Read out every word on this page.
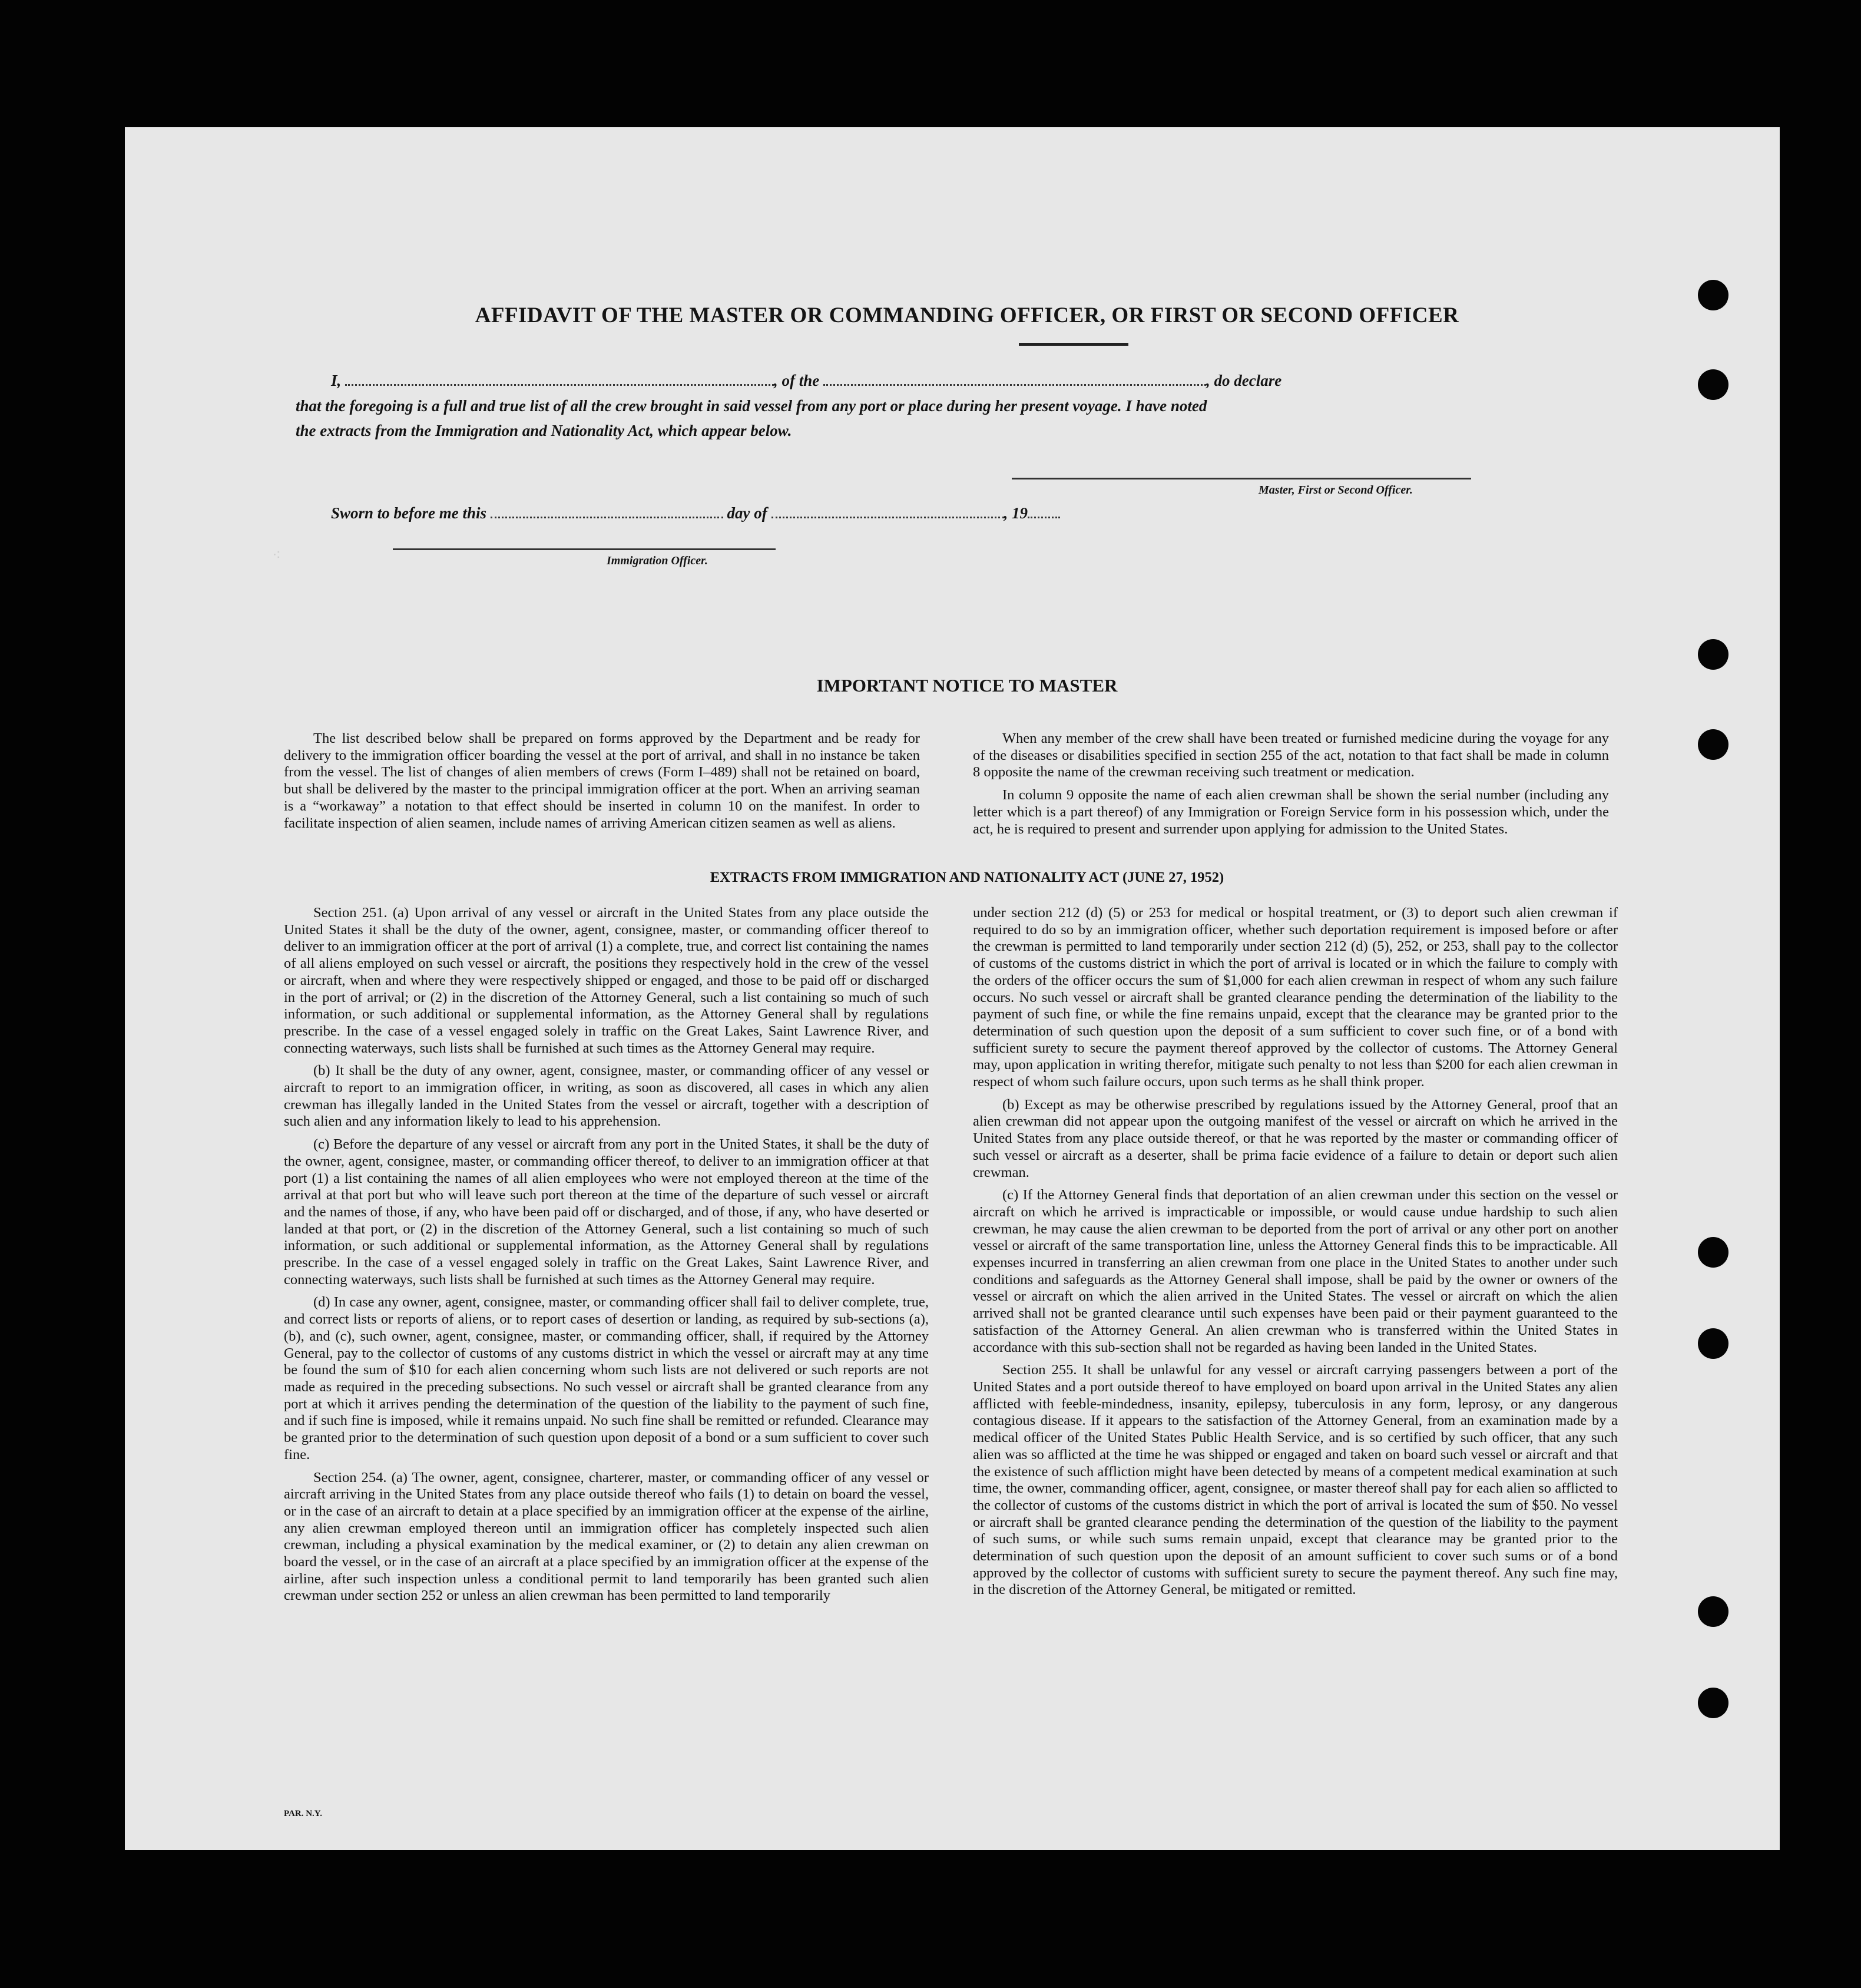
AFFIDAVIT OF THE MASTER OR COMMANDING OFFICER, OR FIRST OR SECOND OFFICER
I,	, of the	, do declare
that the foregoing is a full and true list of all the crew brought in said vessel from any port or place during her present voyage. I have noted
the extracts from the Immigration and Nationality Act, which appear below.
Master, First or Second Officer.
Sworn to before me this	day of	, 19
Immigration Officer.
⁖
IMPORTANT NOTICE TO MASTER

The list described below shall be prepared on forms approved by the Department and be ready for delivery to the immigration officer boarding the vessel at the port of arrival, and shall in no instance be taken from the vessel. The list of changes of alien members of crews (Form I–489) shall not be retained on board, but shall be delivered by the master to the principal immigration officer at the port. When an arriving seaman is a “workaway” a notation to that effect should be inserted in column 10 on the manifest. In order to facilitate inspection of alien seamen, include names of arriving American citizen seamen as well as aliens.

When any member of the crew shall have been treated or furnished medicine during the voyage for any of the diseases or disabilities specified in section 255 of the act, notation to that fact shall be made in column 8 opposite the name of the crewman receiving such treatment or medication.

In column 9 opposite the name of each alien crewman shall be shown the serial number (including any letter which is a part thereof) of any Immigration or Foreign Service form in his possession which, under the act, he is required to present and surrender upon applying for admission to the United States.

EXTRACTS FROM IMMIGRATION AND NATIONALITY ACT (JUNE 27, 1952)

Section 251. (a) Upon arrival of any vessel or aircraft in the United States from any place outside the United States it shall be the duty of the owner, agent, consignee, master, or commanding officer thereof to deliver to an immigration officer at the port of arrival (1) a complete, true, and correct list containing the names of all aliens employed on such vessel or aircraft, the positions they respectively hold in the crew of the vessel or aircraft, when and where they were respectively shipped or engaged, and those to be paid off or discharged in the port of arrival; or (2) in the discretion of the Attorney General, such a list containing so much of such information, or such additional or supplemental information, as the Attorney General shall by regulations prescribe. In the case of a vessel engaged solely in traffic on the Great Lakes, Saint Lawrence River, and connecting waterways, such lists shall be furnished at such times as the Attorney General may require.

(b) It shall be the duty of any owner, agent, consignee, master, or commanding officer of any vessel or aircraft to report to an immigration officer, in writing, as soon as discovered, all cases in which any alien crewman has illegally landed in the United States from the vessel or aircraft, together with a description of such alien and any information likely to lead to his apprehension.

(c) Before the departure of any vessel or aircraft from any port in the United States, it shall be the duty of the owner, agent, consignee, master, or commanding officer thereof, to deliver to an immigration officer at that port (1) a list containing the names of all alien employees who were not employed thereon at the time of the arrival at that port but who will leave such port thereon at the time of the departure of such vessel or aircraft and the names of those, if any, who have been paid off or discharged, and of those, if any, who have deserted or landed at that port, or (2) in the discretion of the Attorney General, such a list containing so much of such information, or such additional or supplemental information, as the Attorney General shall by regulations prescribe. In the case of a vessel engaged solely in traffic on the Great Lakes, Saint Lawrence River, and connecting waterways, such lists shall be furnished at such times as the Attorney General may require.

(d) In case any owner, agent, consignee, master, or commanding officer shall fail to deliver complete, true, and correct lists or reports of aliens, or to report cases of desertion or landing, as required by sub-sections (a), (b), and (c), such owner, agent, consignee, master, or commanding officer, shall, if required by the Attorney General, pay to the collector of customs of any customs district in which the vessel or aircraft may at any time be found the sum of $10 for each alien concerning whom such lists are not delivered or such reports are not made as required in the preceding subsections. No such vessel or aircraft shall be granted clearance from any port at which it arrives pending the determination of the question of the liability to the payment of such fine, and if such fine is imposed, while it remains unpaid. No such fine shall be remitted or refunded. Clearance may be granted prior to the determination of such question upon deposit of a bond or a sum sufficient to cover such fine.

Section 254. (a) The owner, agent, consignee, charterer, master, or commanding officer of any vessel or aircraft arriving in the United States from any place outside thereof who fails (1) to detain on board the vessel, or in the case of an aircraft to detain at a place specified by an immigration officer at the expense of the airline, any alien crewman employed thereon until an immigration officer has completely inspected such alien crewman, including a physical examination by the medical examiner, or (2) to detain any alien crewman on board the vessel, or in the case of an aircraft at a place specified by an immigration officer at the expense of the airline, after such inspection unless a conditional permit to land temporarily has been granted such alien crewman under section 252 or unless an alien crewman has been permitted to land temporarily

under section 212 (d) (5) or 253 for medical or hospital treatment, or (3) to deport such alien crewman if required to do so by an immigration officer, whether such deportation requirement is imposed before or after the crewman is permitted to land temporarily under section 212 (d) (5), 252, or 253, shall pay to the collector of customs of the customs district in which the port of arrival is located or in which the failure to comply with the orders of the officer occurs the sum of $1,000 for each alien crewman in respect of whom any such failure occurs. No such vessel or aircraft shall be granted clearance pending the determination of the liability to the payment of such fine, or while the fine remains unpaid, except that the clearance may be granted prior to the determination of such question upon the deposit of a sum sufficient to cover such fine, or of a bond with sufficient surety to secure the payment thereof approved by the collector of customs. The Attorney General may, upon application in writing therefor, mitigate such penalty to not less than $200 for each alien crewman in respect of whom such failure occurs, upon such terms as he shall think proper.

(b) Except as may be otherwise prescribed by regulations issued by the Attorney General, proof that an alien crewman did not appear upon the outgoing manifest of the vessel or aircraft on which he arrived in the United States from any place outside thereof, or that he was reported by the master or commanding officer of such vessel or aircraft as a deserter, shall be prima facie evidence of a failure to detain or deport such alien crewman.

(c) If the Attorney General finds that deportation of an alien crewman under this section on the vessel or aircraft on which he arrived is impracticable or impossible, or would cause undue hardship to such alien crewman, he may cause the alien crewman to be deported from the port of arrival or any other port on another vessel or aircraft of the same transportation line, unless the Attorney General finds this to be impracticable. All expenses incurred in transferring an alien crewman from one place in the United States to another under such conditions and safeguards as the Attorney General shall impose, shall be paid by the owner or owners of the vessel or aircraft on which the alien arrived in the United States. The vessel or aircraft on which the alien arrived shall not be granted clearance until such expenses have been paid or their payment guaranteed to the satisfaction of the Attorney General. An alien crewman who is transferred within the United States in accordance with this sub-section shall not be regarded as having been landed in the United States.

Section 255. It shall be unlawful for any vessel or aircraft carrying passengers between a port of the United States and a port outside thereof to have employed on board upon arrival in the United States any alien afflicted with feeble-mindedness, insanity, epilepsy, tuberculosis in any form, leprosy, or any dangerous contagious disease. If it appears to the satisfaction of the Attorney General, from an examination made by a medical officer of the United States Public Health Service, and is so certified by such officer, that any such alien was so afflicted at the time he was shipped or engaged and taken on board such vessel or aircraft and that the existence of such affliction might have been detected by means of a competent medical examination at such time, the owner, commanding officer, agent, consignee, or master thereof shall pay for each alien so afflicted to the collector of customs of the customs district in which the port of arrival is located the sum of $50. No vessel or aircraft shall be granted clearance pending the determination of the question of the liability to the payment of such sums, or while such sums remain unpaid, except that clearance may be granted prior to the determination of such question upon the deposit of an amount sufficient to cover such sums or of a bond approved by the collector of customs with sufficient surety to secure the payment thereof. Any such fine may, in the discretion of the Attorney General, be mitigated or remitted.

PAR. N.Y.
